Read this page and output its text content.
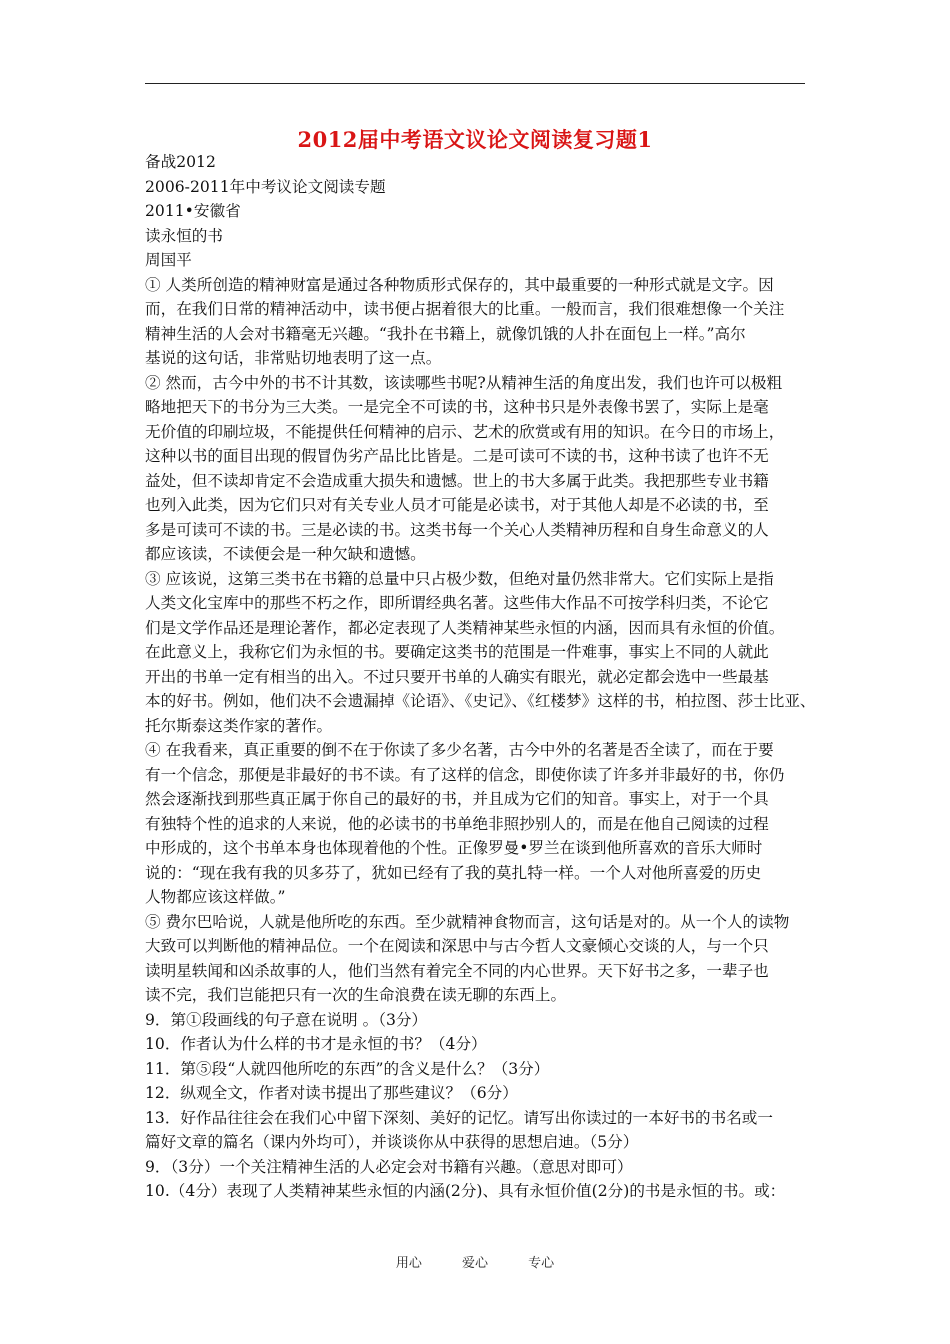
2012届中考语文议论文阅读复习题1
备战2012
2006-2011年中考议论文阅读专题
2011•安徽省
读永恒的书
周国平
① 人类所创造的精神财富是通过各种物质形式保存的，其中最重要的一种形式就是文字。因
而，在我们日常的精神活动中，读书便占据着很大的比重。一般而言，我们很难想像一个关注
精神生活的人会对书籍毫无兴趣。“我扑在书籍上，就像饥饿的人扑在面包上一样。”高尔
基说的这句话，非常贴切地表明了这一点。
② 然而，古今中外的书不计其数，该读哪些书呢?从精神生活的角度出发，我们也许可以极粗
略地把天下的书分为三大类。一是完全不可读的书，这种书只是外表像书罢了，实际上是毫
无价值的印刷垃圾，不能提供任何精神的启示、艺术的欣赏或有用的知识。在今日的市场上，
这种以书的面目出现的假冒伪劣产品比比皆是。二是可读可不读的书，这种书读了也许不无
益处，但不读却肯定不会造成重大损失和遗憾。世上的书大多属于此类。我把那些专业书籍
也列入此类，因为它们只对有关专业人员才可能是必读书，对于其他人却是不必读的书，至
多是可读可不读的书。三是必读的书。这类书每一个关心人类精神历程和自身生命意义的人
都应该读，不读便会是一种欠缺和遗憾。
③ 应该说，这第三类书在书籍的总量中只占极少数，但绝对量仍然非常大。它们实际上是指
人类文化宝库中的那些不朽之作，即所谓经典名著。这些伟大作品不可按学科归类，不论它
们是文学作品还是理论著作，都必定表现了人类精神某些永恒的内涵，因而具有永恒的价值。
在此意义上，我称它们为永恒的书。要确定这类书的范围是一件难事，事实上不同的人就此
开出的书单一定有相当的出入。不过只要开书单的人确实有眼光，就必定都会选中一些最基
本的好书。例如，他们决不会遗漏掉《论语》、《史记》、《红楼梦》这样的书，柏拉图、莎士比亚、
托尔斯泰这类作家的著作。
④ 在我看来，真正重要的倒不在于你读了多少名著，古今中外的名著是否全读了，而在于要
有一个信念，那便是非最好的书不读。有了这样的信念，即使你读了许多并非最好的书，你仍
然会逐渐找到那些真正属于你自己的最好的书，并且成为它们的知音。事实上，对于一个具
有独特个性的追求的人来说，他的必读书的书单绝非照抄别人的，而是在他自己阅读的过程
中形成的，这个书单本身也体现着他的个性。正像罗曼•罗兰在谈到他所喜欢的音乐大师时
说的：“现在我有我的贝多芬了，犹如已经有了我的莫扎特一样。一个人对他所喜爱的历史
人物都应该这样做。”
⑤ 费尔巴哈说，人就是他所吃的东西。至少就精神食物而言，这句话是对的。从一个人的读物
大致可以判断他的精神品位。一个在阅读和深思中与古今哲人文豪倾心交谈的人，与一个只
读明星轶闻和凶杀故事的人，他们当然有着完全不同的内心世界。天下好书之多，一辈子也
读不完，我们岂能把只有一次的生命浪费在读无聊的东西上。
9．第①段画线的句子意在说明 。（3分）
10．作者认为什么样的书才是永恒的书？（4分）
11．第⑤段“人就四他所吃的东西”的含义是什么？（3分）
12．纵观全文，作者对读书提出了那些建议？（6分）
13．好作品往往会在我们心中留下深刻、美好的记忆。请写出你读过的一本好书的书名或一
篇好文章的篇名（课内外均可），并谈谈你从中获得的思想启迪。（5分）
9．（3分）一个关注精神生活的人必定会对书籍有兴趣。（意思对即可）
10.（4分）表现了人类精神某些永恒的内涵(2分)、具有永恒价值(2分)的书是永恒的书。或：
用心	爱心	专心
